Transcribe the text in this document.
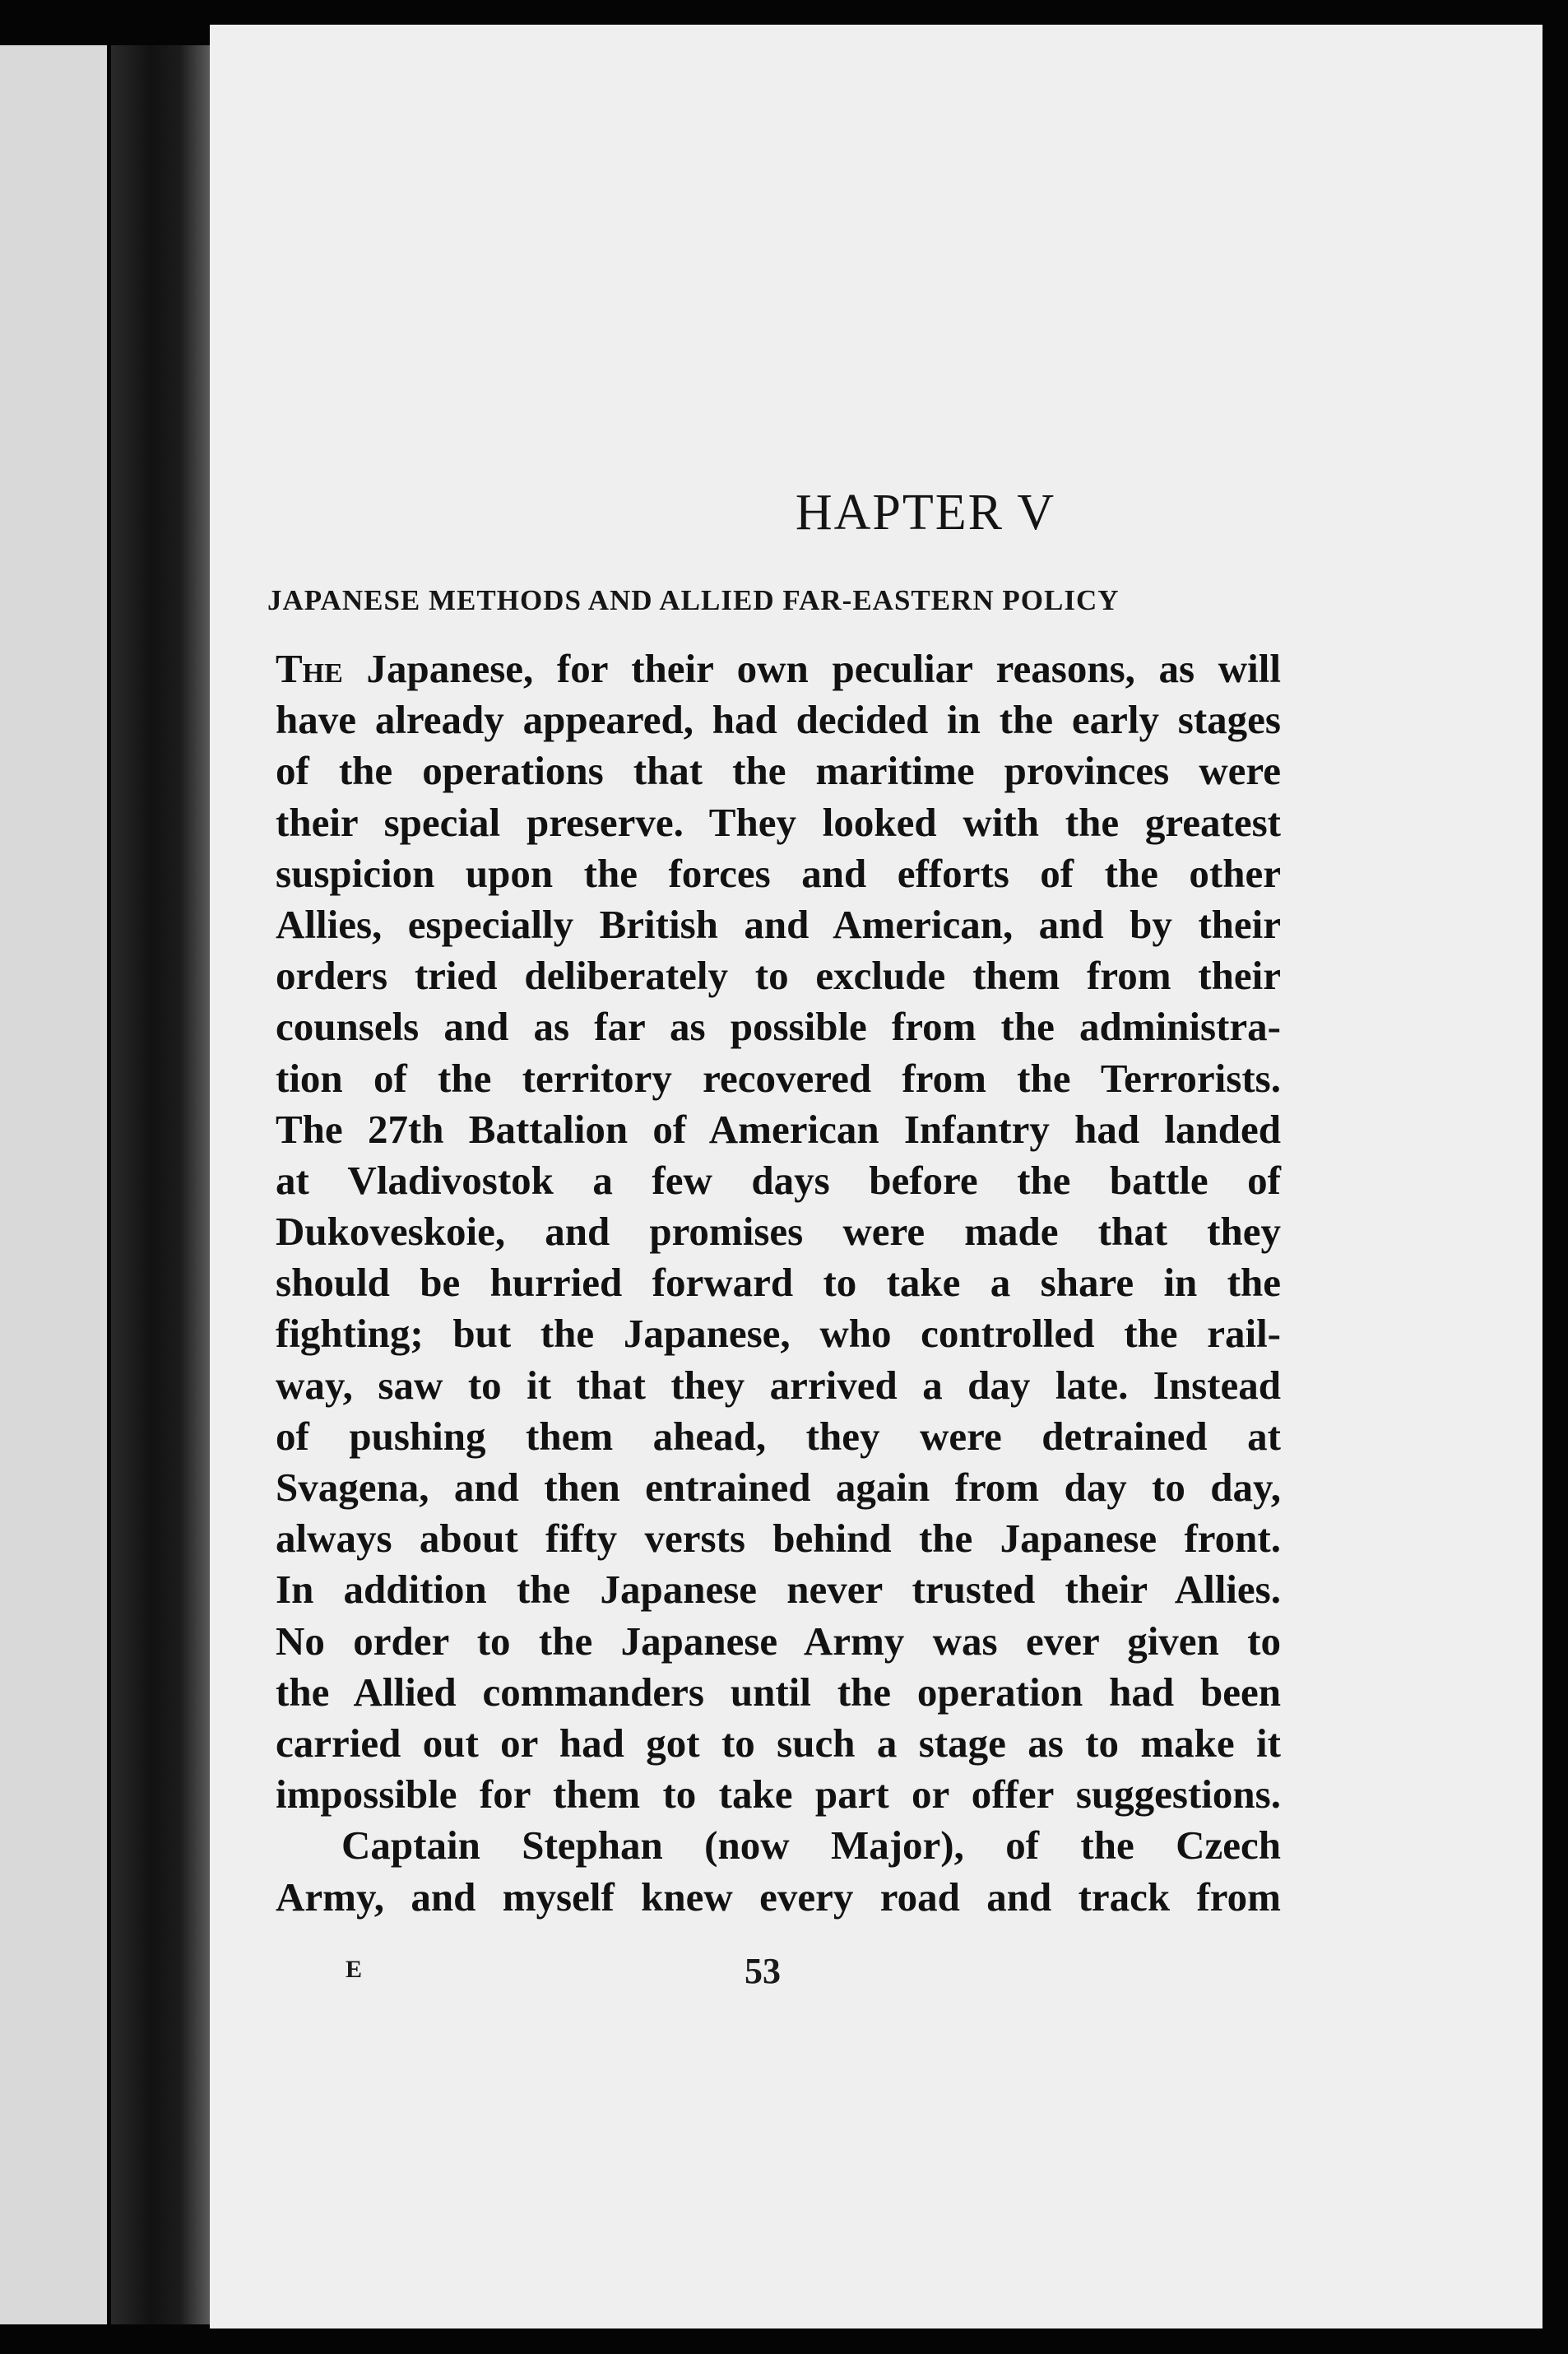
HAPTER V
JAPANESE METHODS AND ALLIED FAR-EASTERN POLICY
The Japanese, for their own peculiar reasons, as will
have already appeared, had decided in the early stages
of the operations that the maritime provinces were
their special preserve. They looked with the greatest
suspicion upon the forces and efforts of the other
Allies, especially British and American, and by their
orders tried deliberately to exclude them from their
counsels and as far as possible from the administra-
tion of the territory recovered from the Terrorists.
The 27th Battalion of American Infantry had landed
at Vladivostok a few days before the battle of
Dukoveskoie, and promises were made that they
should be hurried forward to take a share in the
fighting; but the Japanese, who controlled the rail-
way, saw to it that they arrived a day late. Instead
of pushing them ahead, they were detrained at
Svagena, and then entrained again from day to day,
always about fifty versts behind the Japanese front.
In addition the Japanese never trusted their Allies.
No order to the Japanese Army was ever given to
the Allied commanders until the operation had been
carried out or had got to such a stage as to make it
impossible for them to take part or offer suggestions.
Captain Stephan (now Major), of the Czech
Army, and myself knew every road and track from
E	53
